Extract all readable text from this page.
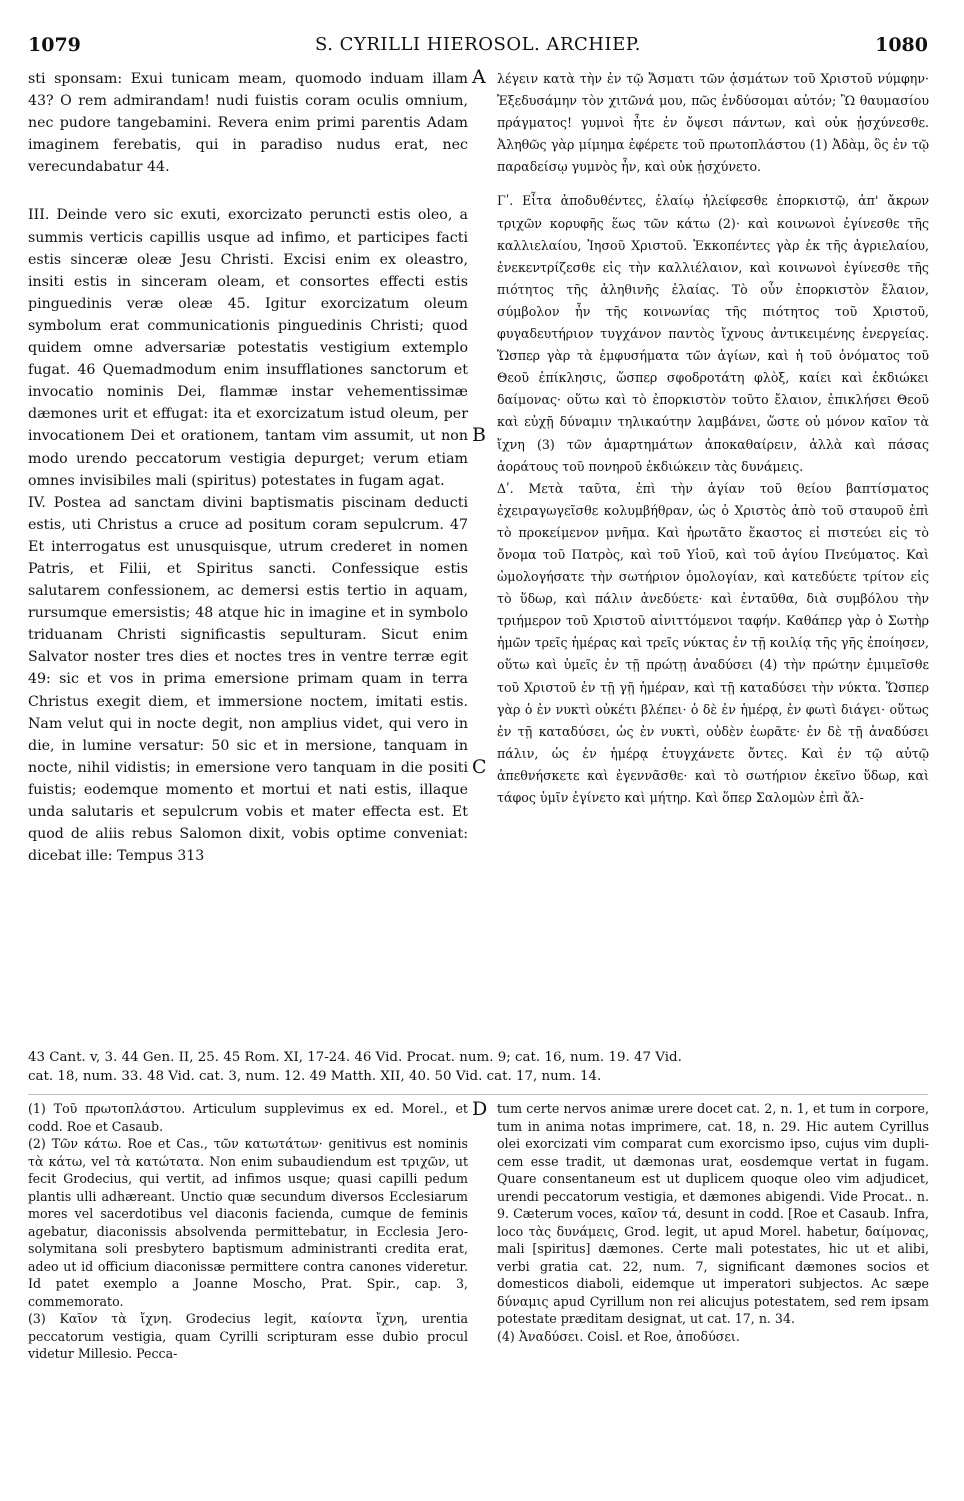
1079	S. CYRILLI HIEROSOL. ARCHIEP.	1080

sti sponsam: Exui tunicam meam, quomodo induam illam 43? O rem admirandam! nudi fuistis coram oculis omnium, nec pudore tangebamini. Revera enim primi parentis Adam imaginem ferebatis, qui in paradiso nudus erat, nec verecundabatur 44.

III. Deinde vero sic exuti, exorcizato peruncti estis oleo, a summis verticis capillis usque ad infimo, et participes facti estis sinceræ oleæ Jesu Christi. Excisi enim ex oleastro, insiti estis in sinceram oleam, et consortes effecti estis pinguedinis veræ oleæ 45. Igitur exorcizatum oleum symbolum erat communicationis pinguedinis Christi; quod quidem omne adversariæ potestatis vestigium extemplo fugat. 46 Quemadmodum enim insufflationes sanctorum et invocatio nominis Dei, flammæ instar vehementissimæ dæmones urit et effugat: ita et exorcizatum istud oleum, per invocationem Dei et orationem, tantam vim assumit, ut non modo urendo peccatorum vestigia depurget; verum etiam omnes invisibiles mali (spiritus) potestates in fugam agat.

IV. Postea ad sanctam divini baptismatis piscinam deducti estis, uti Christus a cruce ad positum coram sepulcrum. 47 Et interrogatus est unusquisque, utrum crederet in nomen Patris, et Filii, et Spiritus sancti. Confessique estis salutarem confessionem, ac demersi estis tertio in aquam, rursumque emersistis; 48 atque hic in imagine et in symbolo triduanam Christi significastis sepulturam. Sicut enim Salvator noster tres dies et noctes tres in ventre terræ egit 49: sic et vos in prima emersione primam quam in terra Christus exegit diem, et immersione noctem, imitati estis. Nam velut qui in nocte degit, non amplius videt, qui vero in die, in lumine versatur: 50 sic et in mersione, tanquam in nocte, nihil vidistis; in emersione vero tanquam in die positi fuistis; eodemque momento et mortui et nati estis, illaque unda salutaris et sepulcrum vobis et mater effecta est. Et quod de aliis rebus Salomon dixit, vobis optime conveniat: dicebat ille: Tempus 313

λέγειν κατὰ τὴν ἐν τῷ Ἄσματι τῶν ᾀσμάτων τοῦ Χριστοῦ νύμφην· Ἐξεδυσάμην τὸν χιτῶνά μου, πῶς ἐνδύσομαι αὐτόν; Ὢ θαυμασίου πράγματος! γυμνοὶ ἦτε ἐν ὄψεσι πάντων, καὶ οὐκ ᾐσχύνεσθε. Ἀληθῶς γὰρ μίμημα ἐφέρετε τοῦ πρωτοπλάστου (1) Ἀδὰμ, ὃς ἐν τῷ παραδείσῳ γυμνὸς ἦν, καὶ οὐκ ᾐσχύνετο.

Γʹ. Εἶτα ἀποδυθέντες, ἐλαίῳ ἠλείφεσθε ἐπορκιστῷ, ἀπ' ἄκρων τριχῶν κορυφῆς ἕως τῶν κάτω (2)· καὶ κοινωνοὶ ἐγίνεσθε τῆς καλλιελαίου, Ἰησοῦ Χριστοῦ. Ἐκκοπέντες γὰρ ἐκ τῆς ἀγριελαίου, ἐνεκεντρίζεσθε εἰς τὴν καλλιέλαιον, καὶ κοινωνοὶ ἐγίνεσθε τῆς πιότητος τῆς ἀληθινῆς ἐλαίας. Τὸ οὖν ἐπορκιστὸν ἔλαιον, σύμβολον ἦν τῆς κοινωνίας τῆς πιότητος τοῦ Χριστοῦ, φυγαδευτήριον τυγχάνον παντὸς ἴχνους ἀντικειμένης ἐνεργείας. Ὥσπερ γὰρ τὰ ἐμφυσήματα τῶν ἁγίων, καὶ ἡ τοῦ ὀνόματος τοῦ Θεοῦ ἐπίκλησις, ὥσπερ σφοδροτάτη φλὸξ, καίει καὶ ἐκδιώκει δαίμονας· οὕτω καὶ τὸ ἐπορκιστὸν τοῦτο ἔλαιον, ἐπικλήσει Θεοῦ καὶ εὐχῇ δύναμιν τηλικαύτην λαμβάνει, ὥστε οὐ μόνον καῖον τὰ ἴχνη (3) τῶν ἁμαρτημάτων ἀποκαθαίρειν, ἀλλὰ καὶ πάσας ἀοράτους τοῦ πονηροῦ ἐκδιώκειν τὰς δυνάμεις.

Δʹ. Μετὰ ταῦτα, ἐπὶ τὴν ἁγίαν τοῦ θείου βαπτίσματος ἐχειραγωγεῖσθε κολυμβήθραν, ὡς ὁ Χριστὸς ἀπὸ τοῦ σταυροῦ ἐπὶ τὸ προκείμενον μνῆμα. Καὶ ἠρωτᾶτο ἕκαστος εἰ πιστεύει εἰς τὸ ὄνομα τοῦ Πατρὸς, καὶ τοῦ Υἱοῦ, καὶ τοῦ ἁγίου Πνεύματος. Καὶ ὡμολογήσατε τὴν σωτήριον ὁμολογίαν, καὶ κατεδύετε τρίτον εἰς τὸ ὕδωρ, καὶ πάλιν ἀνεδύετε· καὶ ἐνταῦθα, διὰ συμβόλου τὴν τριήμερον τοῦ Χριστοῦ αἰνιττόμενοι ταφήν. Καθάπερ γὰρ ὁ Σωτὴρ ἡμῶν τρεῖς ἡμέρας καὶ τρεῖς νύκτας ἐν τῇ κοιλίᾳ τῆς γῆς ἐποίησεν, οὕτω καὶ ὑμεῖς ἐν τῇ πρώτῃ ἀναδύσει (4) τὴν πρώτην ἐμιμεῖσθε τοῦ Χριστοῦ ἐν τῇ γῇ ἡμέραν, καὶ τῇ καταδύσει τὴν νύκτα. Ὥσπερ γὰρ ὁ ἐν νυκτὶ οὐκέτι βλέπει· ὁ δὲ ἐν ἡμέρᾳ, ἐν φωτὶ διάγει· οὕτως ἐν τῇ καταδύσει, ὡς ἐν νυκτὶ, οὐδὲν ἑωρᾶτε· ἐν δὲ τῇ ἀναδύσει πάλιν, ὡς ἐν ἡμέρᾳ ἐτυγχάνετε ὄντες. Καὶ ἐν τῷ αὐτῷ ἀπεθνήσκετε καὶ ἐγεννᾶσθε· καὶ τὸ σωτήριον ἐκεῖνο ὕδωρ, καὶ τάφος ὑμῖν ἐγίνετο καὶ μήτηρ. Καὶ ὅπερ Σαλομὼν ἐπὶ ἄλ-

A
B
C
D

43 Cant. v, 3. 44 Gen. II, 25. 45 Rom. XI, 17-24. 46 Vid. Procat. num. 9; cat. 16, num. 19. 47 Vid.

cat. 18, num. 33. 48 Vid. cat. 3, num. 12. 49 Matth. XII, 40. 50 Vid. cat. 17, num. 14.

(1) Τοῦ πρωτοπλάστου. Articulum supplevimus ex ed. Morel., et codd. Roe et Casaub.

(2) Τῶν κάτω. Roe et Cas., τῶν κατωτάτων· genitivus est nominis τὰ κάτω, vel τὰ κατώτατα. Non enim subaudiendum est τριχῶν, ut fecit Grodecius, qui vertit, ad infimos usque; quasi capilli pedum plantis ulli adhæreant. Unctio quæ secundum diversos Ecclesiarum mores vel sacerdotibus vel diaconis facienda, cumque de feminis agebatur, diaconissis absolvenda permittebatur, in Ecclesia Jerosolymitana soli presbytero baptismum administranti credita erat, adeo ut id officium diaconissæ permittere contra canones videretur. Id patet exemplo a Joanne Moscho, Prat. Spir., cap. 3, commemorato.

(3) Καῖον τὰ ἴχνη. Grodecius legit, καίοντα ἴχνη, urentia peccatorum vestigia, quam Cyrilli scripturam esse dubio procul videtur Millesio. Pecca-

tum certe nervos animæ urere docet cat. 2, n. 1, et tum in corpore, tum in anima notas imprimere, cat. 18, n. 29. Hic autem Cyrillus olei exorcizati vim comparat cum exorcismo ipso, cujus vim duplicem esse tradit, ut dæmonas urat, eosdemque vertat in fugam. Quare consentaneum est ut duplicem quoque oleo vim adjudicet, urendi peccatorum vestigia, et dæmones abigendi. Vide Procat.. n. 9. Cæterum voces, καῖον τά, desunt in codd. [Roe et Casaub. Infra, loco τὰς δυνάμεις, Grod. legit, ut apud Morel. habetur, δαίμονας, mali [spiritus] dæmones. Certe mali potestates, hic ut et alibi, verbi gratia cat. 22, num. 7, significant dæmones socios et domesticos diaboli, eidemque ut imperatori subjectos. Ac sæpe δύναμις apud Cyrillum non rei alicujus potestatem, sed rem ipsam potestate præditam designat, ut cat. 17, n. 34.

(4) Ἀναδύσει. Coisl. et Roe, ἀποδύσει.
